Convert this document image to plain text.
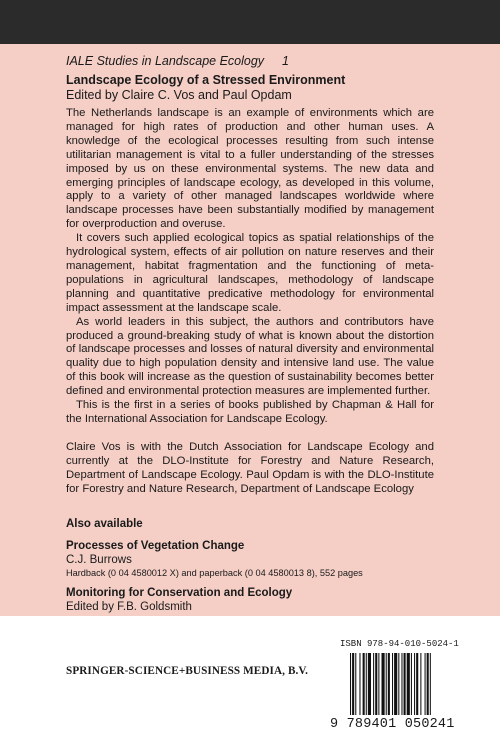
IALE Studies in Landscape Ecology 1
Landscape Ecology of a Stressed Environment
Edited by Claire C. Vos and Paul Opdam

The Netherlands landscape is an example of environments which are managed for high rates of production and other human uses. A knowledge of the ecological processes resulting from such intense utilitarian management is vital to a fuller understanding of the stresses imposed by us on these environmental systems. The new data and emerging principles of landscape ecology, as developed in this volume, apply to a variety of other managed landscapes worldwide where landscape processes have been substantially modified by management for overproduction and overuse.

It covers such applied ecological topics as spatial relationships of the hydrological system, effects of air pollution on nature reserves and their management, habitat fragmentation and the functioning of meta-populations in agricultural landscapes, methodology of landscape planning and quantitative predicative methodology for environmental impact assessment at the landscape scale.

As world leaders in this subject, the authors and contributors have produced a ground-breaking study of what is known about the distortion of landscape processes and losses of natural diversity and environmental quality due to high population density and intensive land use. The value of this book will increase as the question of sustainability becomes better defined and environmental protection measures are implemented further.

This is the first in a series of books published by Chapman & Hall for the International Association for Landscape Ecology.

Claire Vos is with the Dutch Association for Landscape Ecology and currently at the DLO-Institute for Forestry and Nature Research, Department of Landscape Ecology. Paul Opdam is with the DLO-Institute for Forestry and Nature Research, Department of Landscape Ecology

Also available
Processes of Vegetation Change
C.J. Burrows
Hardback (0 04 4580012 X) and paperback (0 04 4580013 8), 552 pages
Monitoring for Conservation and Ecology
Edited by F.B. Goldsmith
SPRINGER-SCIENCE+BUSINESS MEDIA, B.V.
ISBN 978-94-010-5024-1
9 789401 050241
